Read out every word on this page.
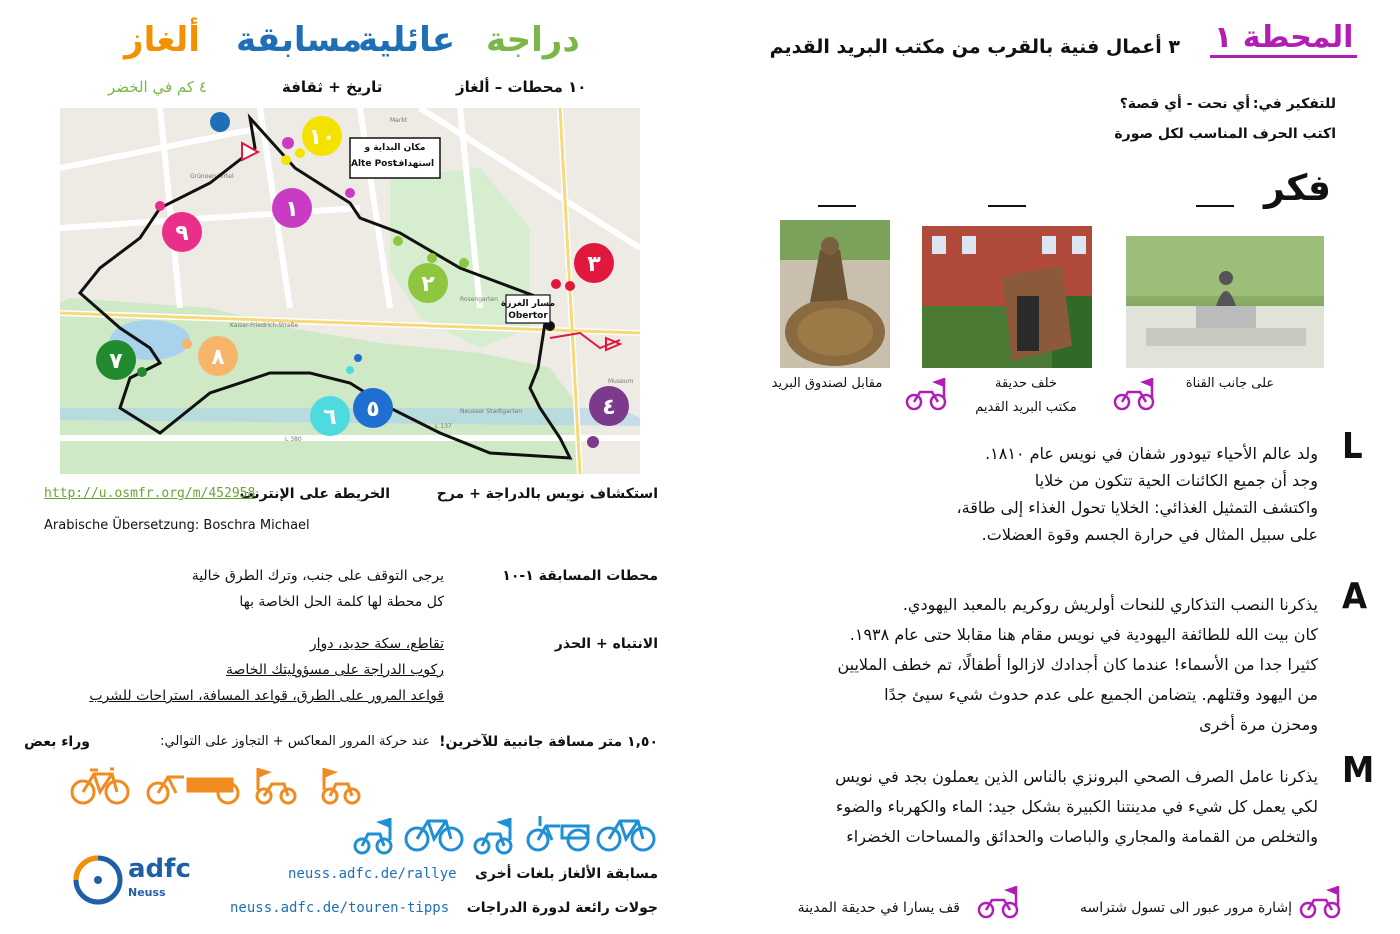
دراجة
عائلية
مسابقة
ألغاز
١٠ محطات – ألغاز
تاريخ + ثقافة
٤ كم في الخضر
Grünoerviertel
Markt
Kaiser-Friedrich-Straße
Rosengarten
Neusser Stadtgarten
L 137
L 380
Museum
١٠
١
٢
٣
٤
٥
٦
٧	٨
٩
مكان البداية و
استهداف
Alte Post
مسار الغرزة
Obertor
استكشاف نويس بالدراجة + مرح
الخريطة على الإنترنت
http://u.osmfr.org/m/452958
Arabische Übersetzung: Boschra Michael
محطات المسابقة ١-١٠
يرجى التوقف على جنب، وترك الطرق خالية
كل محطة لها كلمة الحل الخاصة بها
الانتباه + الحذر
تقاطع، سكة حديد، دوار
ركوب الدراجة على مسؤوليتك الخاصة
قواعد المرور على الطرق، قواعد المسافة، استراحات للشرب
١,٥٠ متر مسافة جانبية للآخرين!
عند حركة المرور المعاكس + التجاوز على التوالي:
وراء بعض
adfc
Neuss
مسابقة الألغاز بلغات أخرى
neuss.adfc.de/rallye
جولات رائعة لدورة الدراجات
neuss.adfc.de/touren-tipps
المحطة ١
٣ أعمال فنية بالقرب من مكتب البريد القديم
للتفكير في:
أي نحت - أي قصة؟
اكتب الحرف المناسب لكل صورة
فكر
على جانب القناة
خلف حديقة
مكتب البريد القديم
مقابل لصندوق البريد
L
ولد عالم الأحياء تيودور شفان في نويس عام ١٨١٠.
وجد أن جميع الكائنات الحية تتكون من خلايا
واكتشف التمثيل الغذائي: الخلايا تحول الغذاء إلى طاقة،
على سبيل المثال في حرارة الجسم وقوة العضلات.
A
يذكرنا النصب التذكاري للنحات أولريش روكريم بالمعبد اليهودي.
كان بيت الله للطائفة اليهودية في نويس مقام هنا مقابلا حتى عام ١٩٣٨.
كثيرا جدا من الأسماء! عندما كان أجدادك لازالوا أطفالًا، تم خطف الملايين
من اليهود وقتلهم. يتضامن الجميع على عدم حدوث شيء سيئ جدًا
ومحزن مرة أخرى
M
يذكرنا عامل الصرف الصحي البرونزي بالناس الذين يعملون بجد في نويس
لكي يعمل كل شيء في مدينتنا الكبيرة بشكل جيد: الماء والكهرباء والضوء
والتخلص من القمامة والمجاري والباصات والحدائق والمساحات الخضراء
إشارة مرور عبور الى تسول شتراسه
قف يسارا في حديقة المدينة
